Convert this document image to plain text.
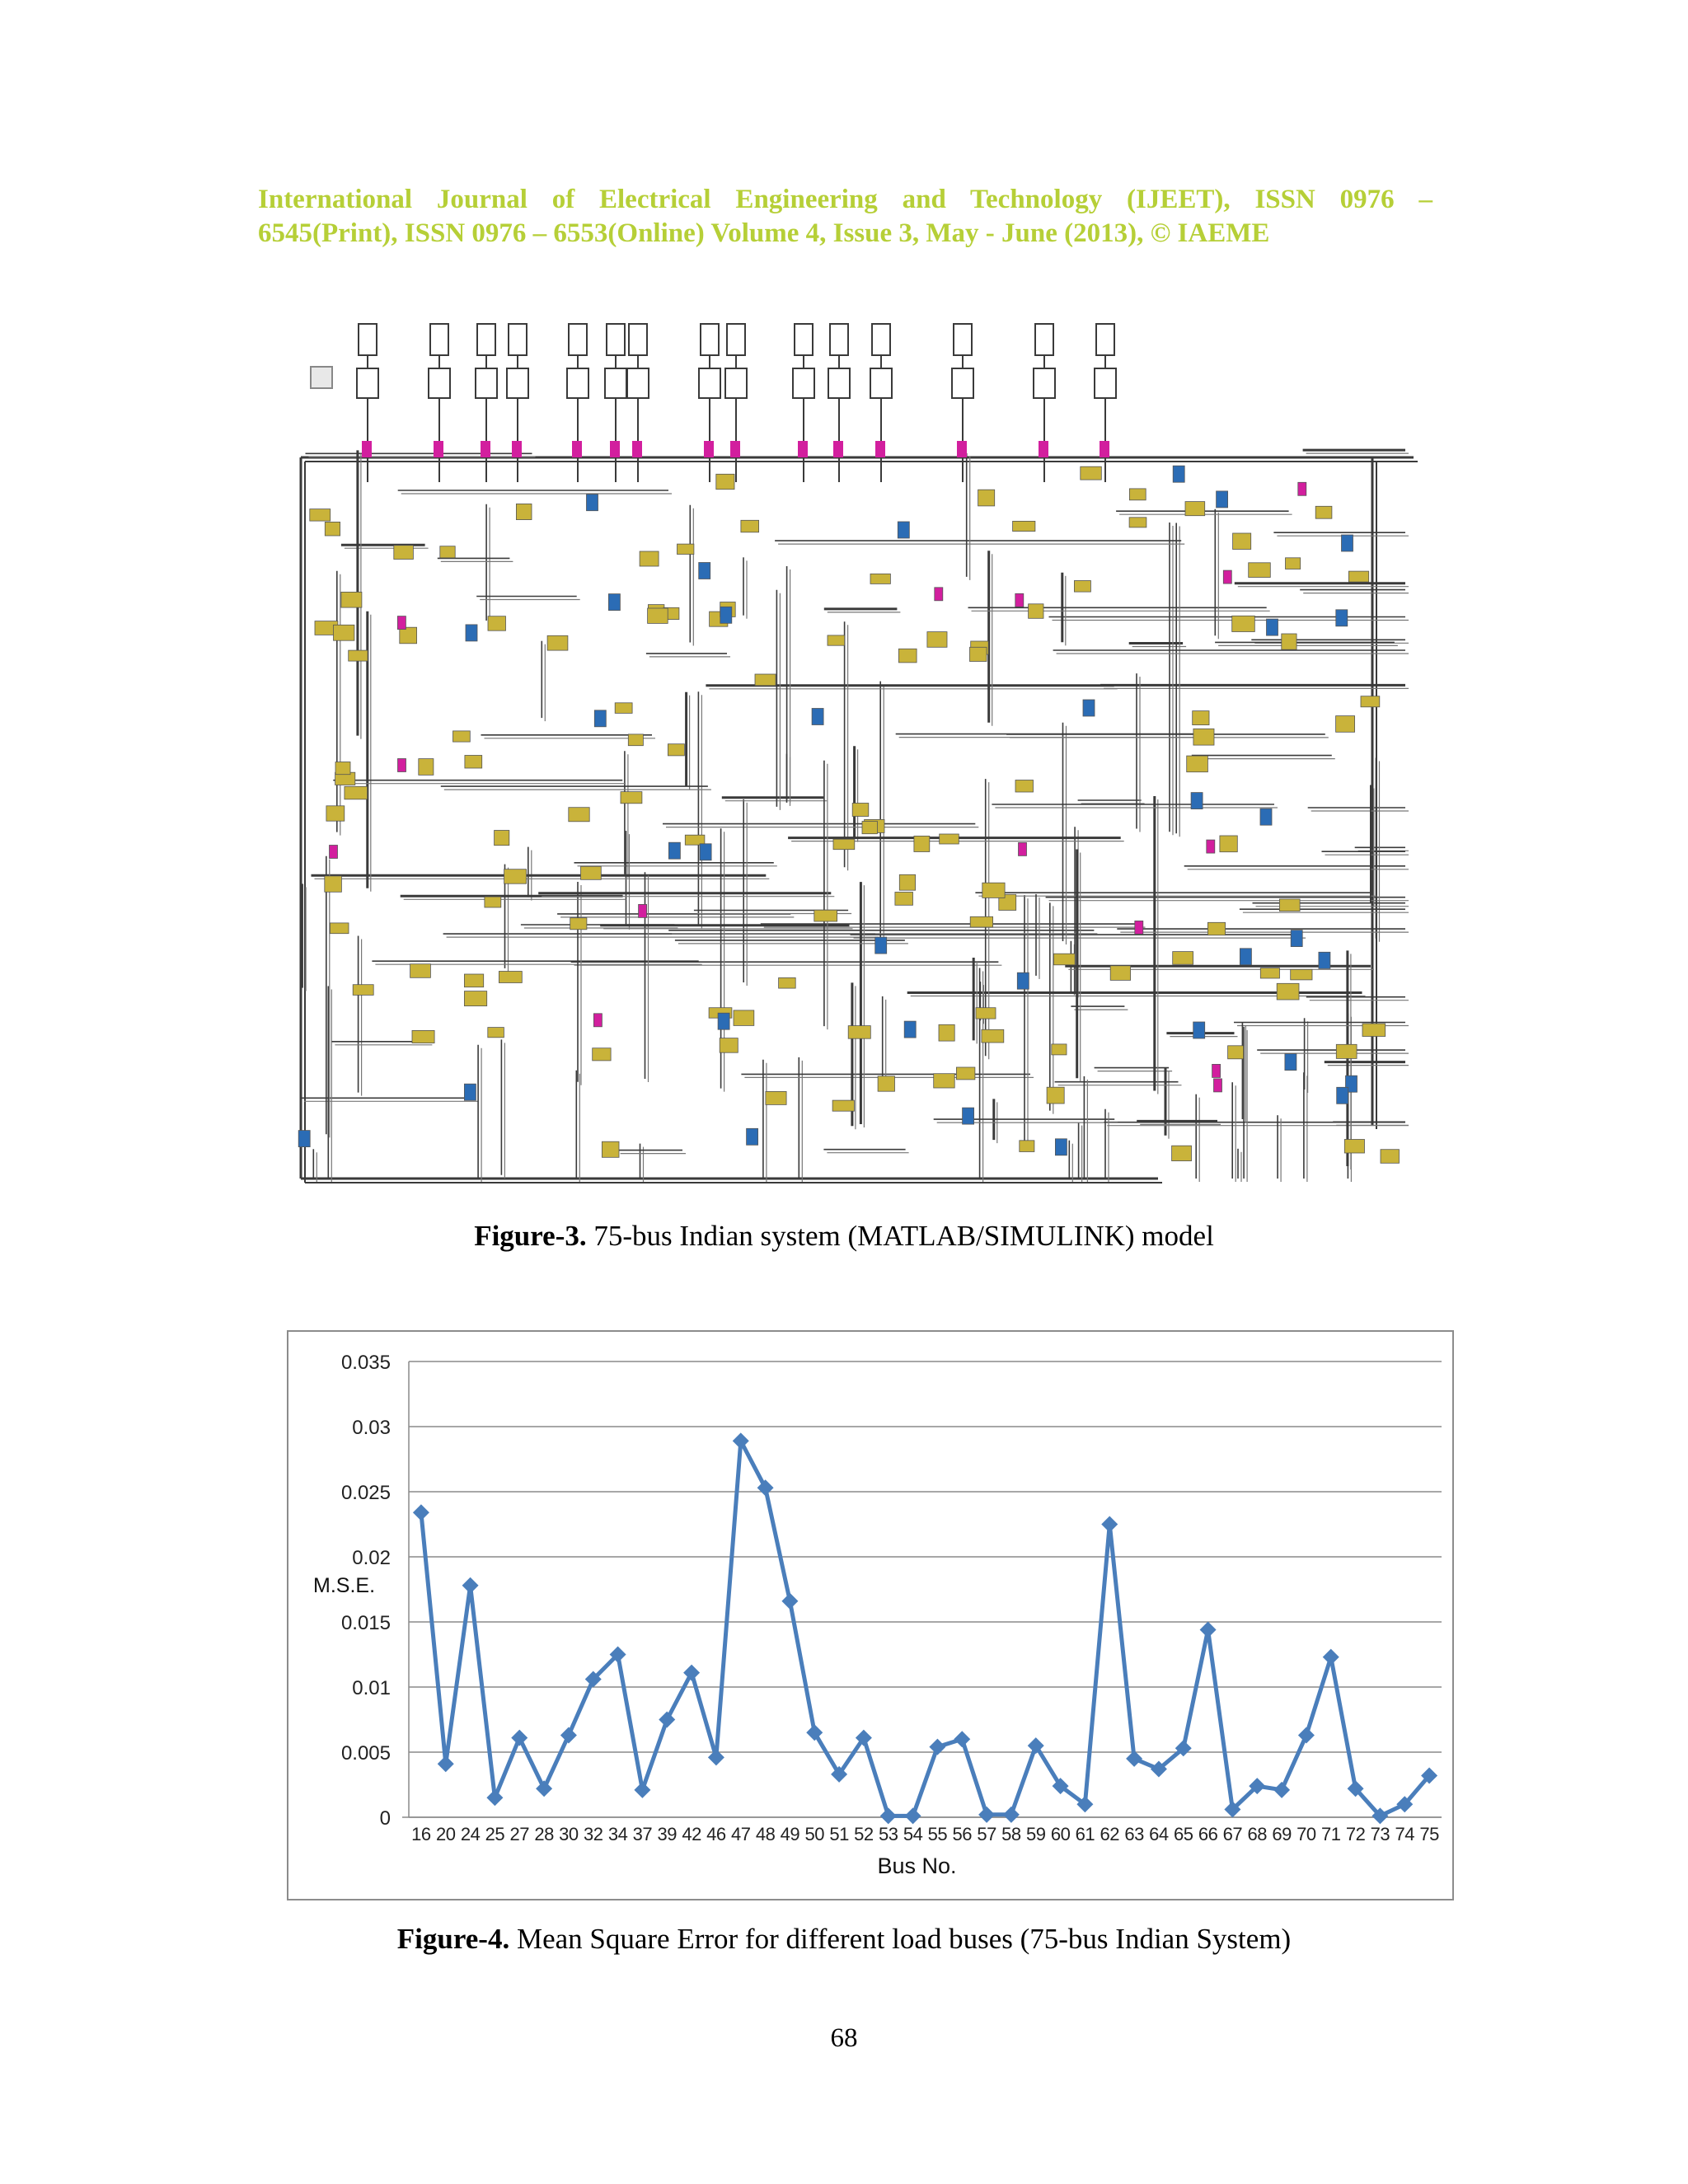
International Journal of Electrical Engineering and Technology (IJEET), ISSN 0976 –
6545(Print), ISSN 0976 – 6553(Online) Volume 4, Issue 3, May - June (2013), © IAEME
Figure-3. 75-bus Indian system (MATLAB/SIMULINK) model
0
0.005
0.01
0.015
0.02
0.025
0.03
0.035
M.S.E.
16 20 24 25 27 28 30 32 34 37 39 42 46 47 48 49 50 51 52 53 54 55 56 57 58 59 60 61 62 63 64 65 66 67 68 69 70 71 72 73 74 75
Bus No.
Figure-4. Mean Square Error for different load buses (75-bus Indian System)
68
